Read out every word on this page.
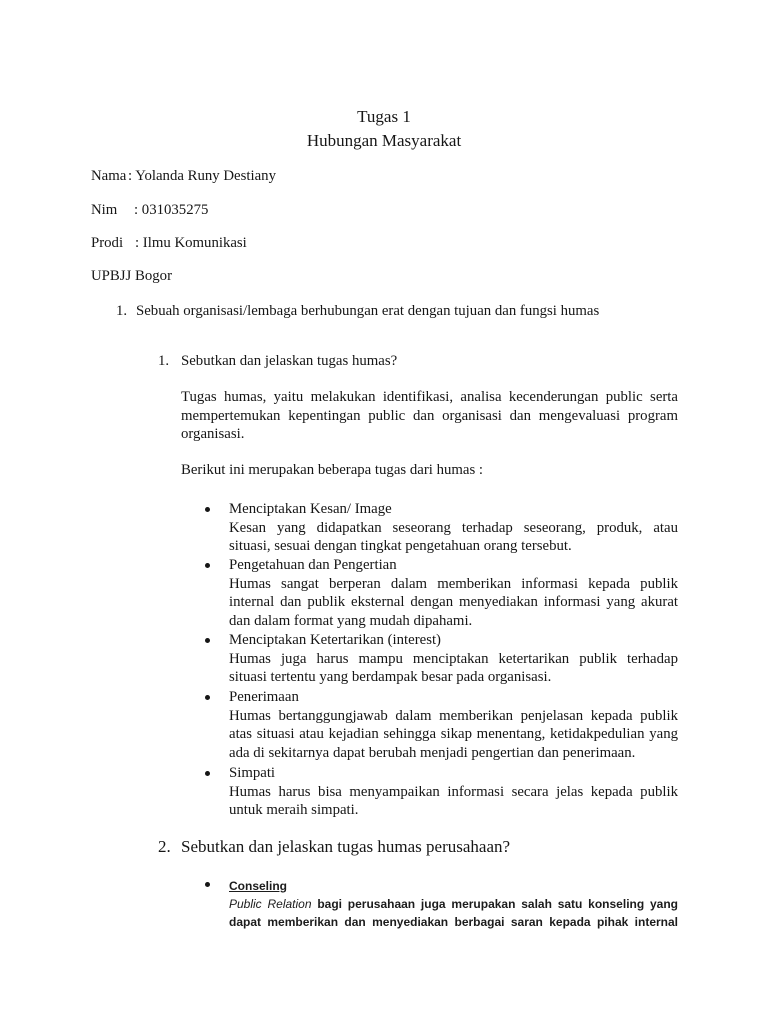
Tugas 1
Hubungan Masyarakat
Nama : Yolanda Runy Destiany
Nim : 031035275
Prodi : Ilmu Komunikasi
UPBJJ Bogor
1. Sebuah organisasi/lembaga berhubungan erat dengan tujuan dan fungsi humas
1. Sebutkan dan jelaskan tugas humas?
Tugas humas, yaitu melakukan identifikasi, analisa kecenderungan public serta
mempertemukan kepentingan public dan organisasi dan mengevaluasi program
organisasi.
Berikut ini merupakan beberapa tugas dari humas :
Menciptakan Kesan/ Image
Kesan yang didapatkan seseorang terhadap seseorang, produk, atau
situasi, sesuai dengan tingkat pengetahuan orang tersebut.
Pengetahuan dan Pengertian
Humas sangat berperan dalam memberikan informasi kepada publik
internal dan publik eksternal dengan menyediakan informasi yang akurat
dan dalam format yang mudah dipahami.
Menciptakan Ketertarikan (interest)
Humas juga harus mampu menciptakan ketertarikan publik terhadap
situasi tertentu yang berdampak besar pada organisasi.
Penerimaan
Humas bertanggungjawab dalam memberikan penjelasan kepada publik
atas situasi atau kejadian sehingga sikap menentang, ketidakpedulian yang
ada di sekitarnya dapat berubah menjadi pengertian dan penerimaan.
Simpati
Humas harus bisa menyampaikan informasi secara jelas kepada publik
untuk meraih simpati.
2. Sebutkan dan jelaskan tugas humas perusahaan?
Conseling
Public Relation bagi perusahaan juga merupakan salah satu konseling yang
dapat memberikan dan menyediakan berbagai saran kepada pihak internal
